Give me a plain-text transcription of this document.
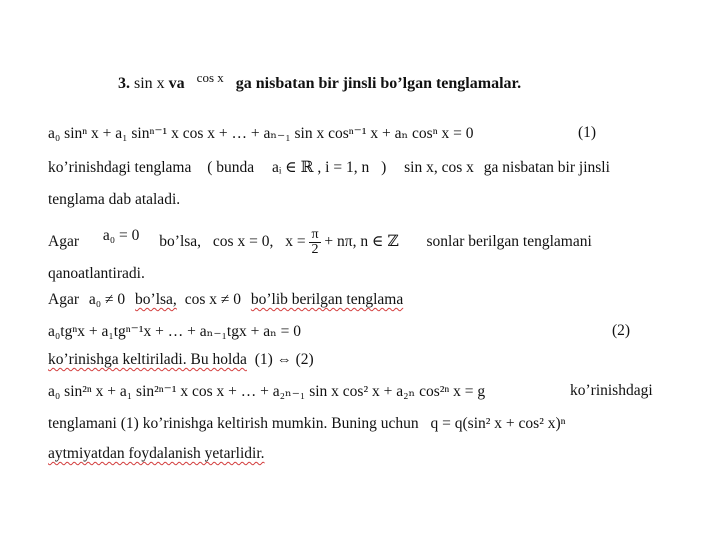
3. sin x va $^{cos x}$ ga nisbatan bir jinsli bo’lgan tenglamalar.
a₀ sinⁿ x + a₁ sinⁿ⁻¹ x cos x + … + aₙ₋₁ sin x cosⁿ⁻¹ x + aₙ cosⁿ x = 0	(1)
ko’rinishdagi tenglama ( bunda aᵢ ∈ ℝ , i = 1, n ) sin x, cos x ga nisbatan bir jinsli
tenglama dab ataladi.
Agar a₀ = 0 bo’lsa, cos x = 0, $x = \frac{\pi}{2} + n\pi$, n ∈ ℤ sonlar berilgan tenglamani
qanoatlantiradi.
Agar a₀ ≠ 0 bo’lsa, cos x ≠ 0 bo’lib berilgan tenglama
a₀tgⁿx + a₁tgⁿ⁻¹x + … + aₙ₋₁tgx + aₙ = 0	(2)
ko’rinishga keltiriladi. Bu holda (1) ⇔ (2)
a₀ sin²ⁿ x + a₁ sin²ⁿ⁻¹ x cos x + … + a₂ₙ₋₁ sin x cos² x + a₂ₙ cos²ⁿ x = g	ko’rinishdagi
tenglamani (1) ko’rinishga keltirish mumkin. Buning uchun q = q(sin² x + cos² x)ⁿ
aytmiyatdan foydalanish yetarlidir.
